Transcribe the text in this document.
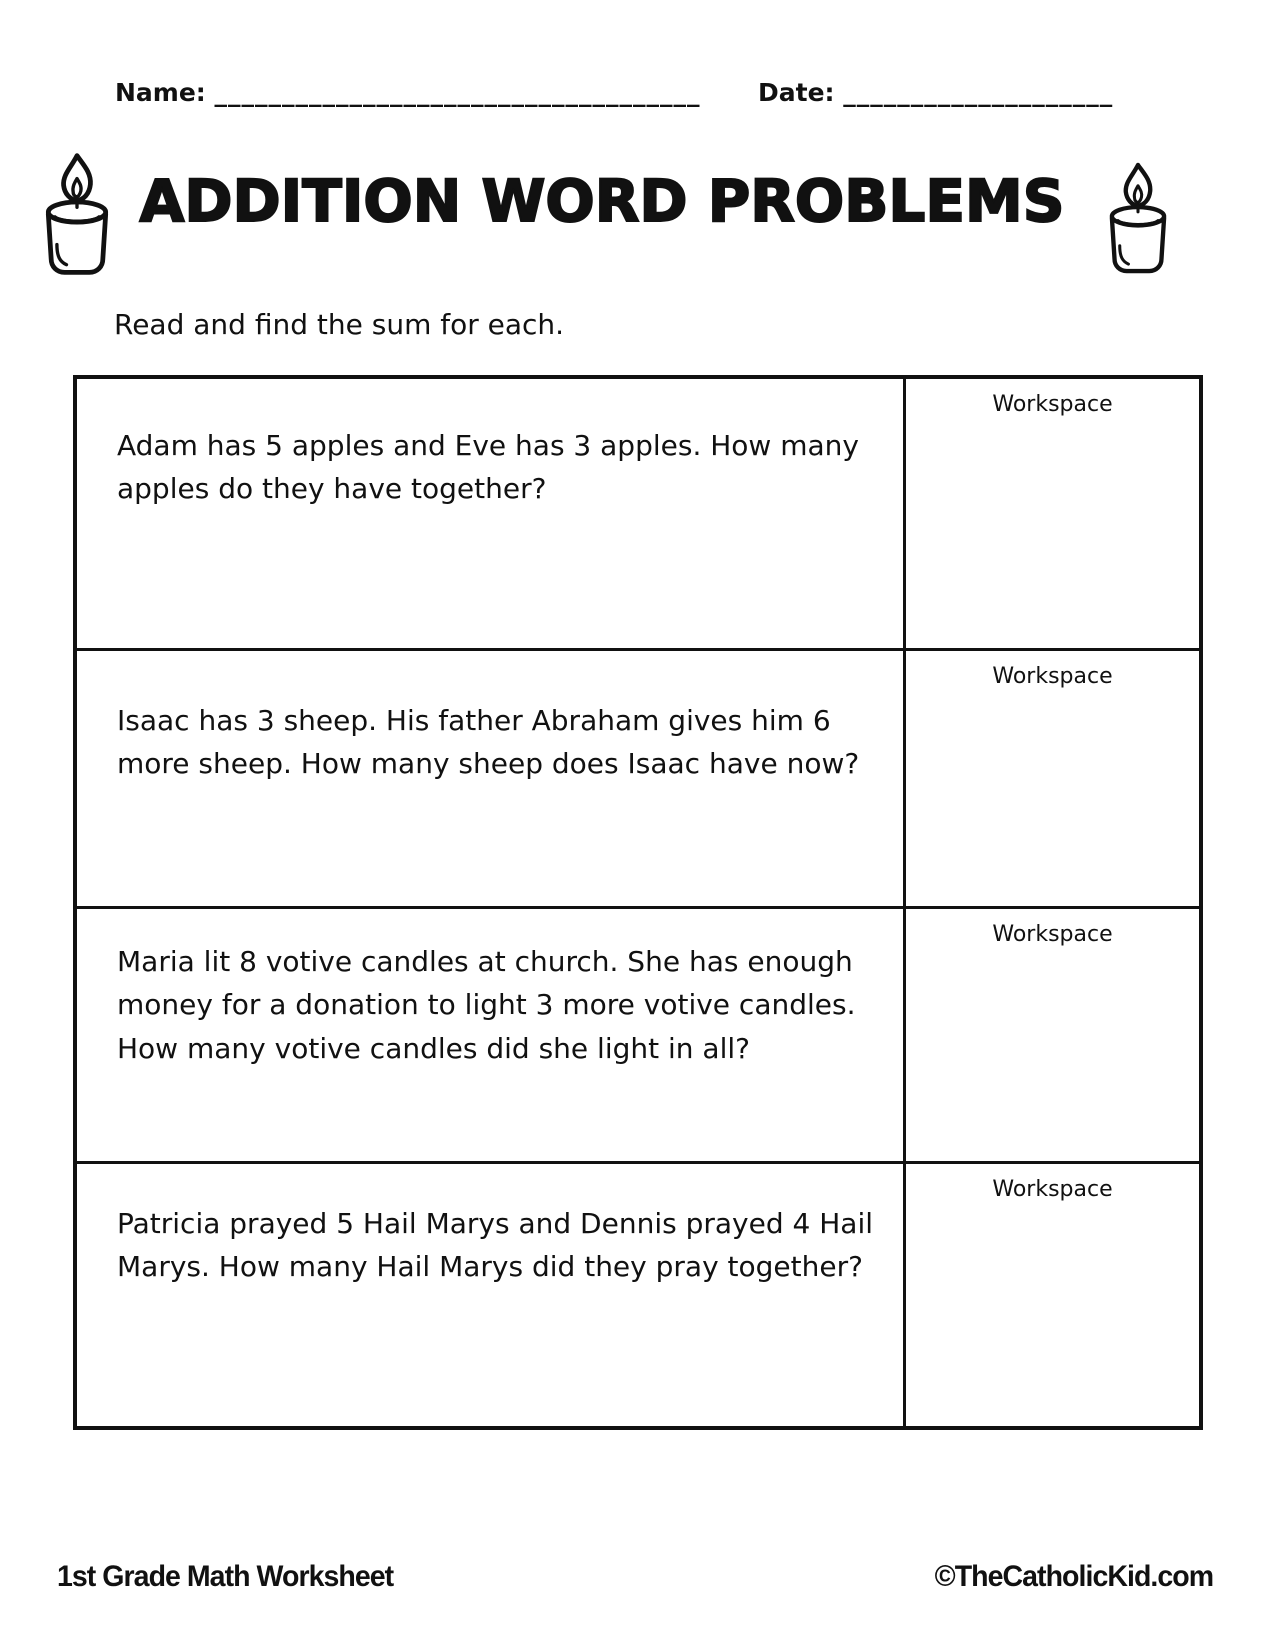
Name: ____________________________________ Date: ____________________
ADDITION WORD PROBLEMS
Read and find the sum for each.
Adam has 5 apples and Eve has 3 apples. How many apples do they have together?
Workspace
Isaac has 3 sheep. His father Abraham gives him 6 more sheep. How many sheep does Isaac have now?
Workspace
Maria lit 8 votive candles at church. She has enough money for a donation to light 3 more votive candles. How many votive candles did she light in all?
Workspace
Patricia prayed 5 Hail Marys and Dennis prayed 4 Hail Marys. How many Hail Marys did they pray together?
Workspace
1st Grade Math Worksheet	©TheCatholicKid.com
